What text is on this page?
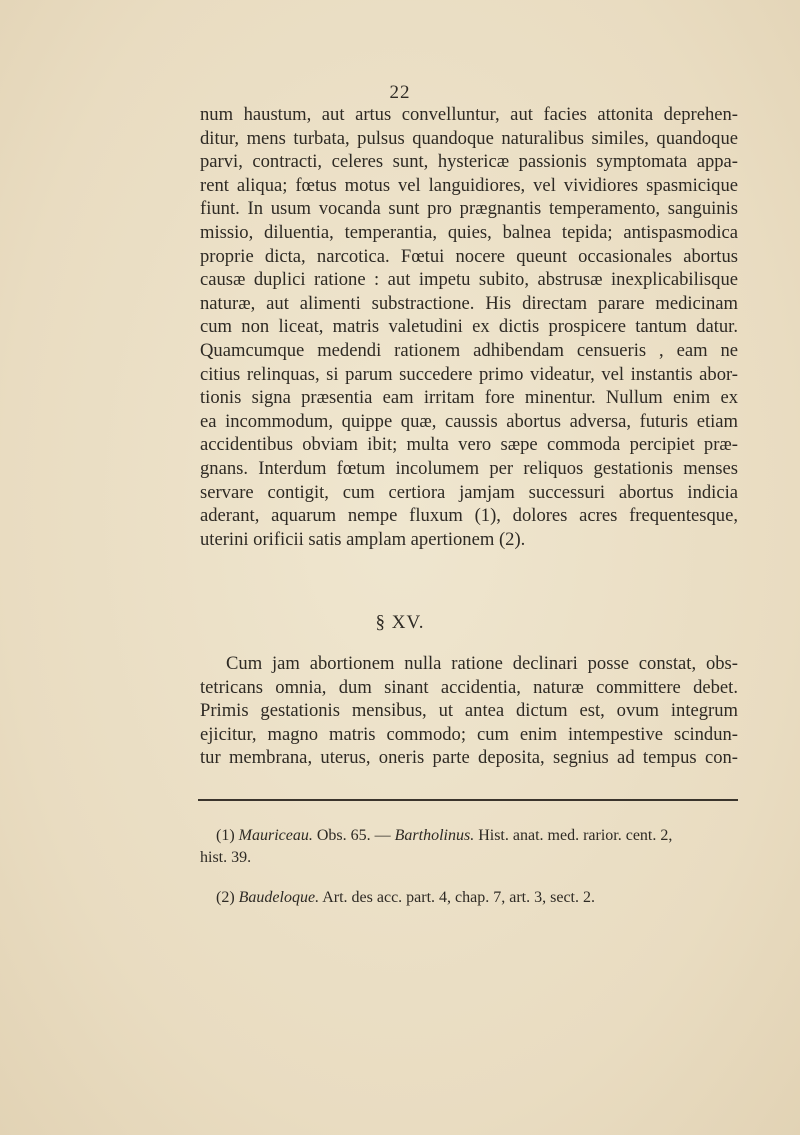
22
num haustum, aut artus convelluntur, aut facies attonita deprehen-
ditur, mens turbata, pulsus quandoque naturalibus similes, quandoque
parvi, contracti, celeres sunt, hystericæ passionis symptomata appa-
rent aliqua; fœtus motus vel languidiores, vel vividiores spasmicique
fiunt. In usum vocanda sunt pro prægnantis temperamento, sanguinis
missio, diluentia, temperantia, quies, balnea tepida; antispasmodica
proprie dicta, narcotica. Fœtui nocere queunt occasionales abortus
causæ duplici ratione : aut impetu subito, abstrusæ inexplicabilisque
naturæ, aut alimenti substractione. His directam parare medicinam
cum non liceat, matris valetudini ex dictis prospicere tantum datur.
Quamcumque medendi rationem adhibendam censueris , eam ne
citius relinquas, si parum succedere primo videatur, vel instantis abor-
tionis signa præsentia eam irritam fore minentur. Nullum enim ex
ea incommodum, quippe quæ, caussis abortus adversa, futuris etiam
accidentibus obviam ibit; multa vero sæpe commoda percipiet præ-
gnans. Interdum fœtum incolumem per reliquos gestationis menses
servare contigit, cum certiora jamjam successuri abortus indicia
aderant, aquarum nempe fluxum (1), dolores acres frequentesque,
uterini orificii satis amplam apertionem (2).
§ XV.
Cum jam abortionem nulla ratione declinari posse constat, obs-
tetricans omnia, dum sinant accidentia, naturæ committere debet.
Primis gestationis mensibus, ut antea dictum est, ovum integrum
ejicitur, magno matris commodo; cum enim intempestive scindun-
tur membrana, uterus, oneris parte deposita, segnius ad tempus con-
(1) Mauriceau. Obs. 65. — Bartholinus. Hist. anat. med. rarior. cent. 2,
hist. 39.
(2) Baudeloque. Art. des acc. part. 4, chap. 7, art. 3, sect. 2.
